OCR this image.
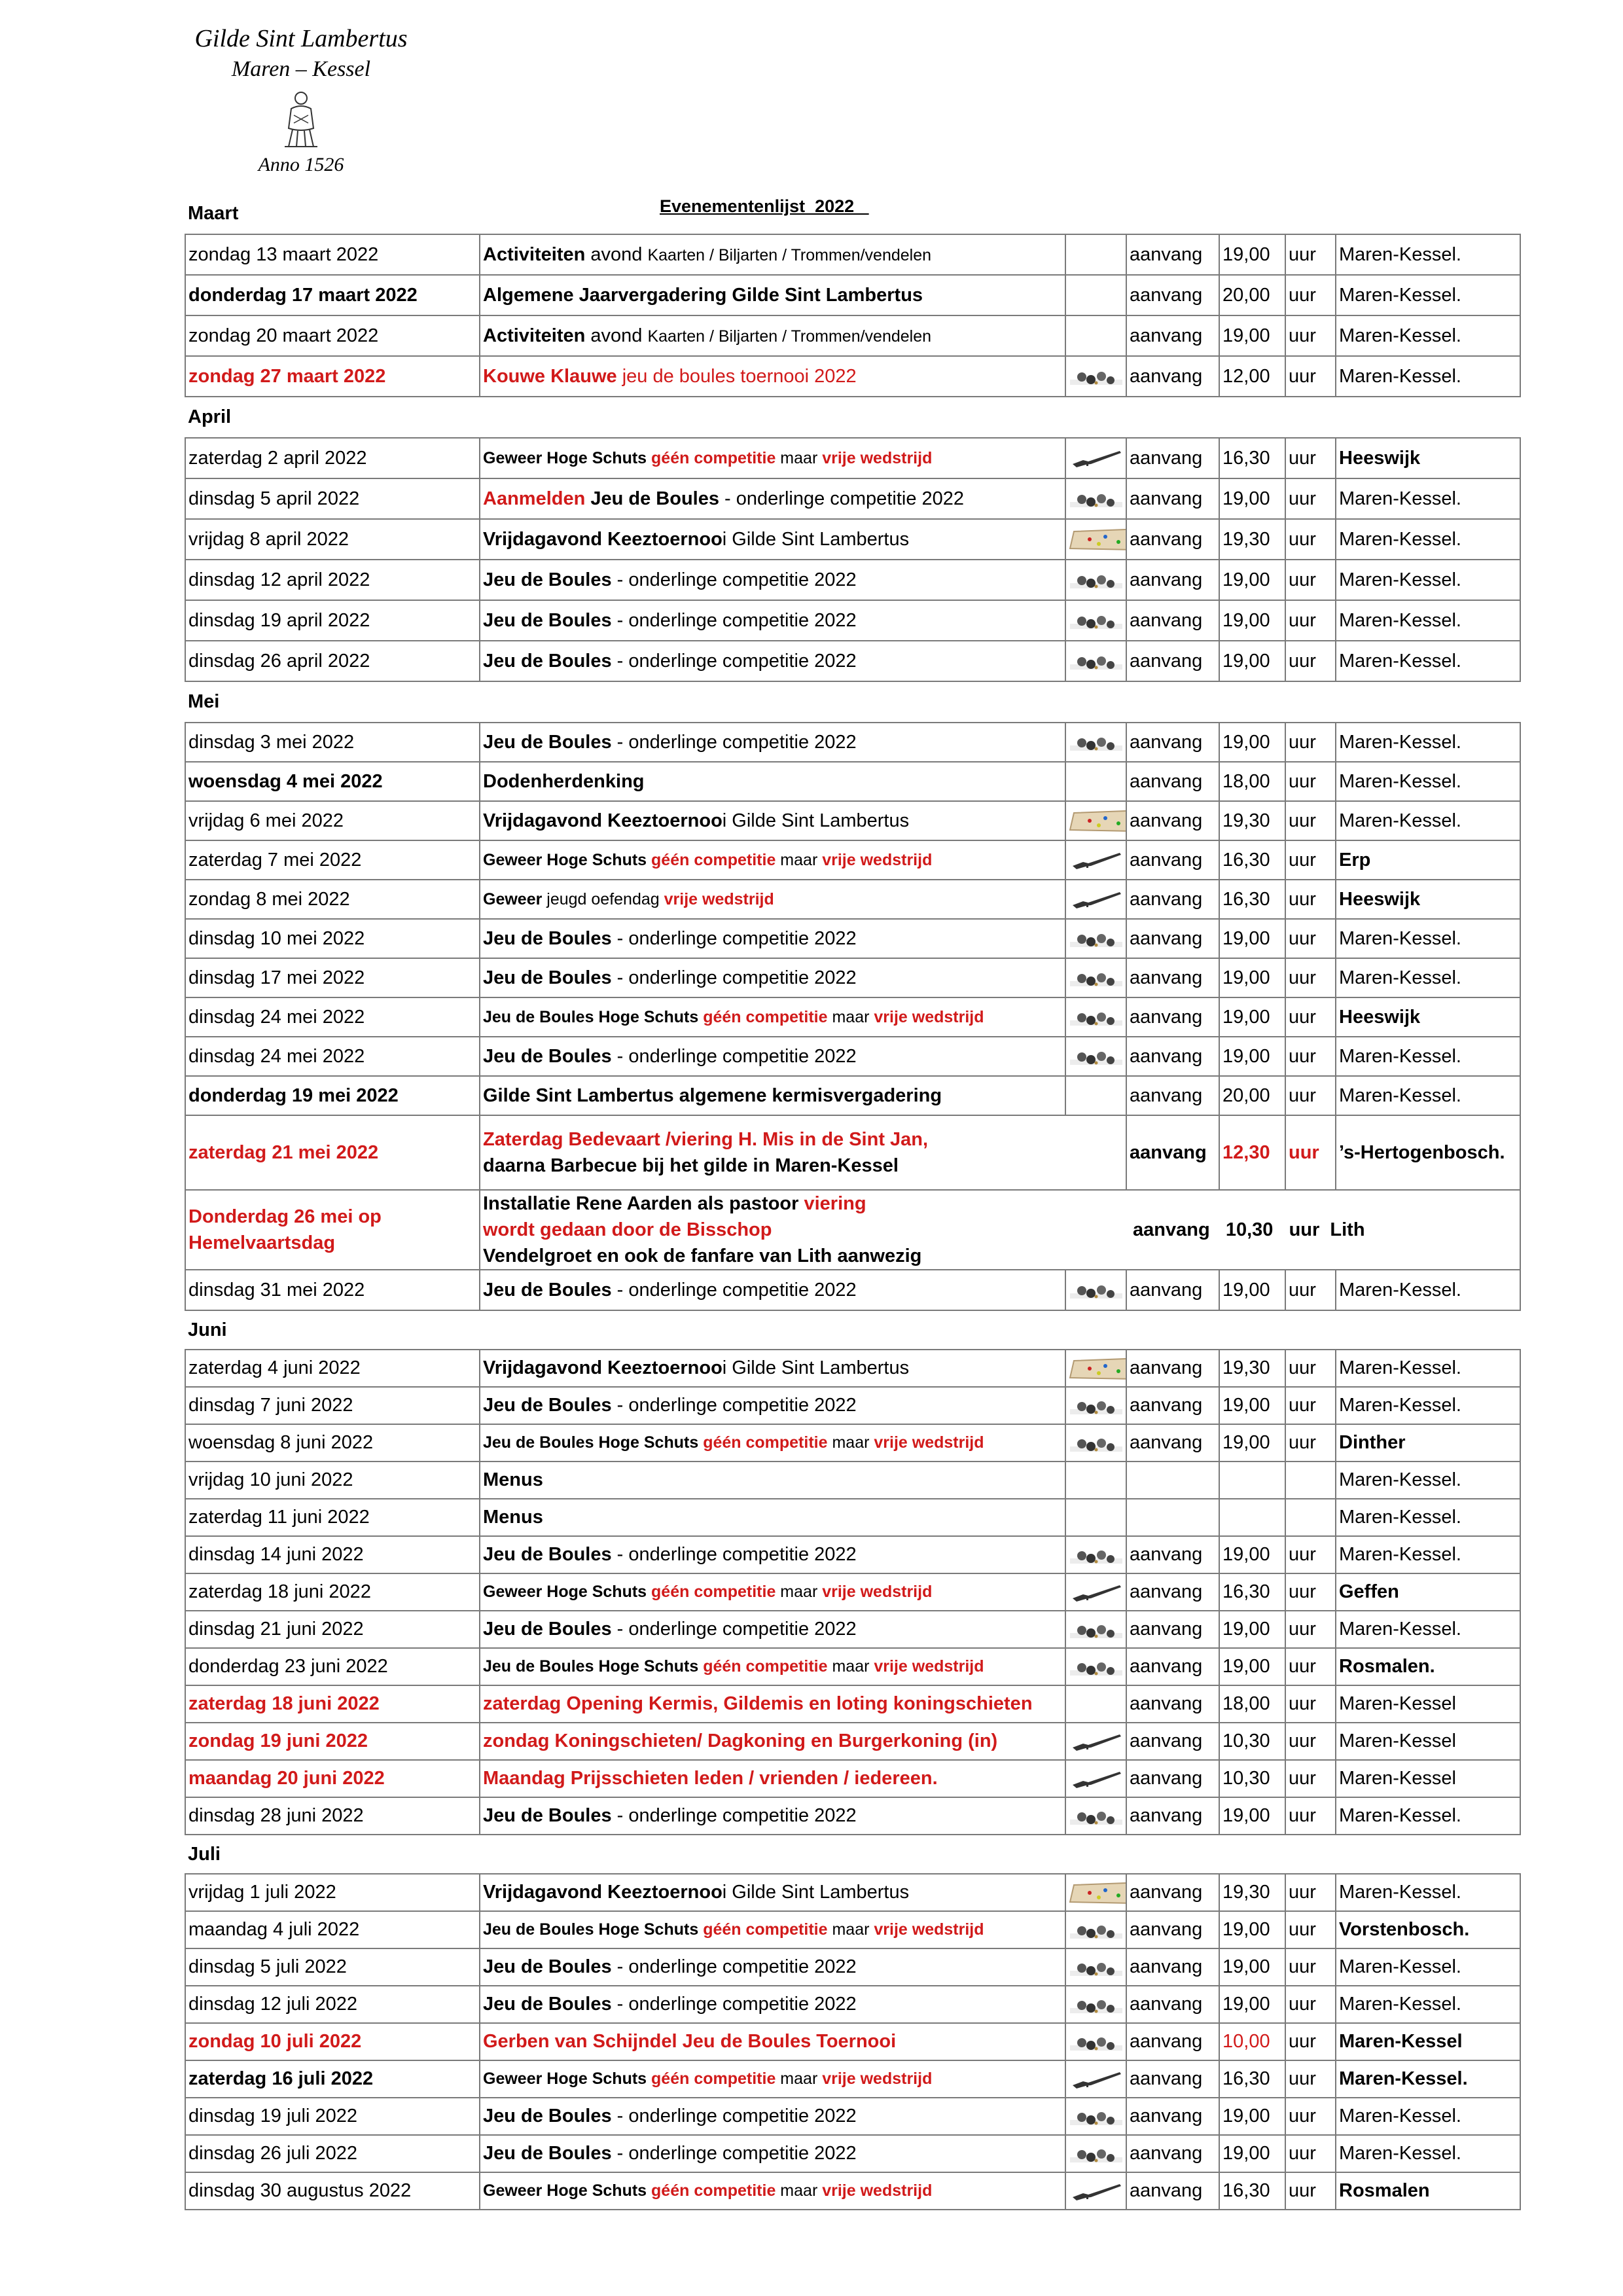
Gilde Sint Lambertus
Maren – Kessel
Anno 1526
Evenementenlijst  2022
Maart						
zondag 13 maart 2022	Activiteiten avond Kaarten / Biljarten / Trommen/vendelen		aanvang	19,00	uur	Maren-Kessel.
donderdag 17 maart 2022	Algemene Jaarvergadering Gilde Sint Lambertus		aanvang	20,00	uur	Maren-Kessel.
zondag 20 maart 2022	Activiteiten avond Kaarten / Biljarten / Trommen/vendelen		aanvang	19,00	uur	Maren-Kessel.
zondag 27 maart 2022	Kouwe Klauwe jeu de boules toernooi 2022		aanvang	12,00	uur	Maren-Kessel.
April						
zaterdag 2 april 2022	Geweer Hoge Schuts géén competitie maar vrije wedstrijd		aanvang	16,30	uur	Heeswijk
dinsdag 5 april 2022	Aanmelden Jeu de Boules - onderlinge competitie 2022		aanvang	19,00	uur	Maren-Kessel.
vrijdag 8 april 2022	Vrijdagavond Keeztoernooi Gilde Sint Lambertus		aanvang	19,30	uur	Maren-Kessel.
dinsdag 12 april 2022	Jeu de Boules - onderlinge competitie 2022		aanvang	19,00	uur	Maren-Kessel.
dinsdag 19 april 2022	Jeu de Boules - onderlinge competitie 2022		aanvang	19,00	uur	Maren-Kessel.
dinsdag 26 april 2022	Jeu de Boules - onderlinge competitie 2022		aanvang	19,00	uur	Maren-Kessel.
Mei						
dinsdag 3 mei 2022	Jeu de Boules - onderlinge competitie 2022		aanvang	19,00	uur	Maren-Kessel.
woensdag 4 mei 2022	Dodenherdenking		aanvang	18,00	uur	Maren-Kessel.
vrijdag 6 mei 2022	Vrijdagavond Keeztoernooi Gilde Sint Lambertus		aanvang	19,30	uur	Maren-Kessel.
zaterdag 7 mei 2022	Geweer Hoge Schuts géén competitie maar vrije wedstrijd		aanvang	16,30	uur	Erp
zondag 8 mei 2022	Geweer jeugd oefendag vrije wedstrijd		aanvang	16,30	uur	Heeswijk
dinsdag 10 mei 2022	Jeu de Boules - onderlinge competitie 2022		aanvang	19,00	uur	Maren-Kessel.
dinsdag 17 mei 2022	Jeu de Boules - onderlinge competitie 2022		aanvang	19,00	uur	Maren-Kessel.
dinsdag 24 mei 2022	Jeu de Boules Hoge Schuts géén competitie maar vrije wedstrijd		aanvang	19,00	uur	Heeswijk
dinsdag 24 mei 2022	Jeu de Boules - onderlinge competitie 2022		aanvang	19,00	uur	Maren-Kessel.
donderdag 19 mei 2022	Gilde Sint Lambertus algemene kermisvergadering		aanvang	20,00	uur	Maren-Kessel.
zaterdag 21 mei 2022	Zaterdag Bedevaart /viering H. Mis in de Sint Jan,
daarna Barbecue bij het gilde in Maren-Kessel		aanvang	12,30	uur	’s-Hertogenbosch.
Donderdag 26 mei op Hemelvaartsdag	Installatie Rene Aarden als pastoor viering
wordt gedaan door de Bisschop
Vendelgroet en ook de fanfare van Lith aanwezig		aanvang   10,30   uur  Lith			
dinsdag 31 mei 2022	Jeu de Boules - onderlinge competitie 2022		aanvang	19,00	uur	Maren-Kessel.
Juni						
zaterdag 4 juni 2022	Vrijdagavond Keeztoernooi Gilde Sint Lambertus		aanvang	19,30	uur	Maren-Kessel.
dinsdag 7 juni 2022	Jeu de Boules - onderlinge competitie 2022		aanvang	19,00	uur	Maren-Kessel.
woensdag 8 juni 2022	Jeu de Boules Hoge Schuts géén competitie maar vrije wedstrijd		aanvang	19,00	uur	Dinther
vrijdag 10 juni 2022	Menus					Maren-Kessel.
zaterdag 11 juni 2022	Menus					Maren-Kessel.
dinsdag 14 juni 2022	Jeu de Boules - onderlinge competitie 2022		aanvang	19,00	uur	Maren-Kessel.
zaterdag 18 juni 2022	Geweer Hoge Schuts géén competitie maar vrije wedstrijd		aanvang	16,30	uur	Geffen
dinsdag 21 juni 2022	Jeu de Boules - onderlinge competitie 2022		aanvang	19,00	uur	Maren-Kessel.
donderdag 23 juni 2022	Jeu de Boules Hoge Schuts géén competitie maar vrije wedstrijd		aanvang	19,00	uur	Rosmalen.
zaterdag 18 juni 2022	zaterdag Opening Kermis, Gildemis en loting koningschieten		aanvang	18,00	uur	Maren-Kessel
zondag 19 juni 2022	zondag Koningschieten/ Dagkoning en Burgerkoning (in)		aanvang	10,30	uur	Maren-Kessel
maandag 20 juni 2022	Maandag Prijsschieten leden / vrienden / iedereen.		aanvang	10,30	uur	Maren-Kessel
dinsdag 28 juni 2022	Jeu de Boules - onderlinge competitie 2022		aanvang	19,00	uur	Maren-Kessel.
Juli						
vrijdag 1 juli 2022	Vrijdagavond Keeztoernooi Gilde Sint Lambertus		aanvang	19,30	uur	Maren-Kessel.
maandag 4 juli 2022	Jeu de Boules Hoge Schuts géén competitie maar vrije wedstrijd		aanvang	19,00	uur	Vorstenbosch.
dinsdag 5 juli 2022	Jeu de Boules - onderlinge competitie 2022		aanvang	19,00	uur	Maren-Kessel.
dinsdag 12 juli 2022	Jeu de Boules - onderlinge competitie 2022		aanvang	19,00	uur	Maren-Kessel.
zondag 10 juli 2022	Gerben van Schijndel Jeu de Boules Toernooi		aanvang	10,00	uur	Maren-Kessel
zaterdag 16 juli 2022	Geweer Hoge Schuts géén competitie maar vrije wedstrijd		aanvang	16,30	uur	Maren-Kessel.
dinsdag 19 juli 2022	Jeu de Boules - onderlinge competitie 2022		aanvang	19,00	uur	Maren-Kessel.
dinsdag 26 juli 2022	Jeu de Boules - onderlinge competitie 2022		aanvang	19,00	uur	Maren-Kessel.
dinsdag 30 augustus 2022	Geweer Hoge Schuts géén competitie maar vrije wedstrijd		aanvang	16,30	uur	Rosmalen
